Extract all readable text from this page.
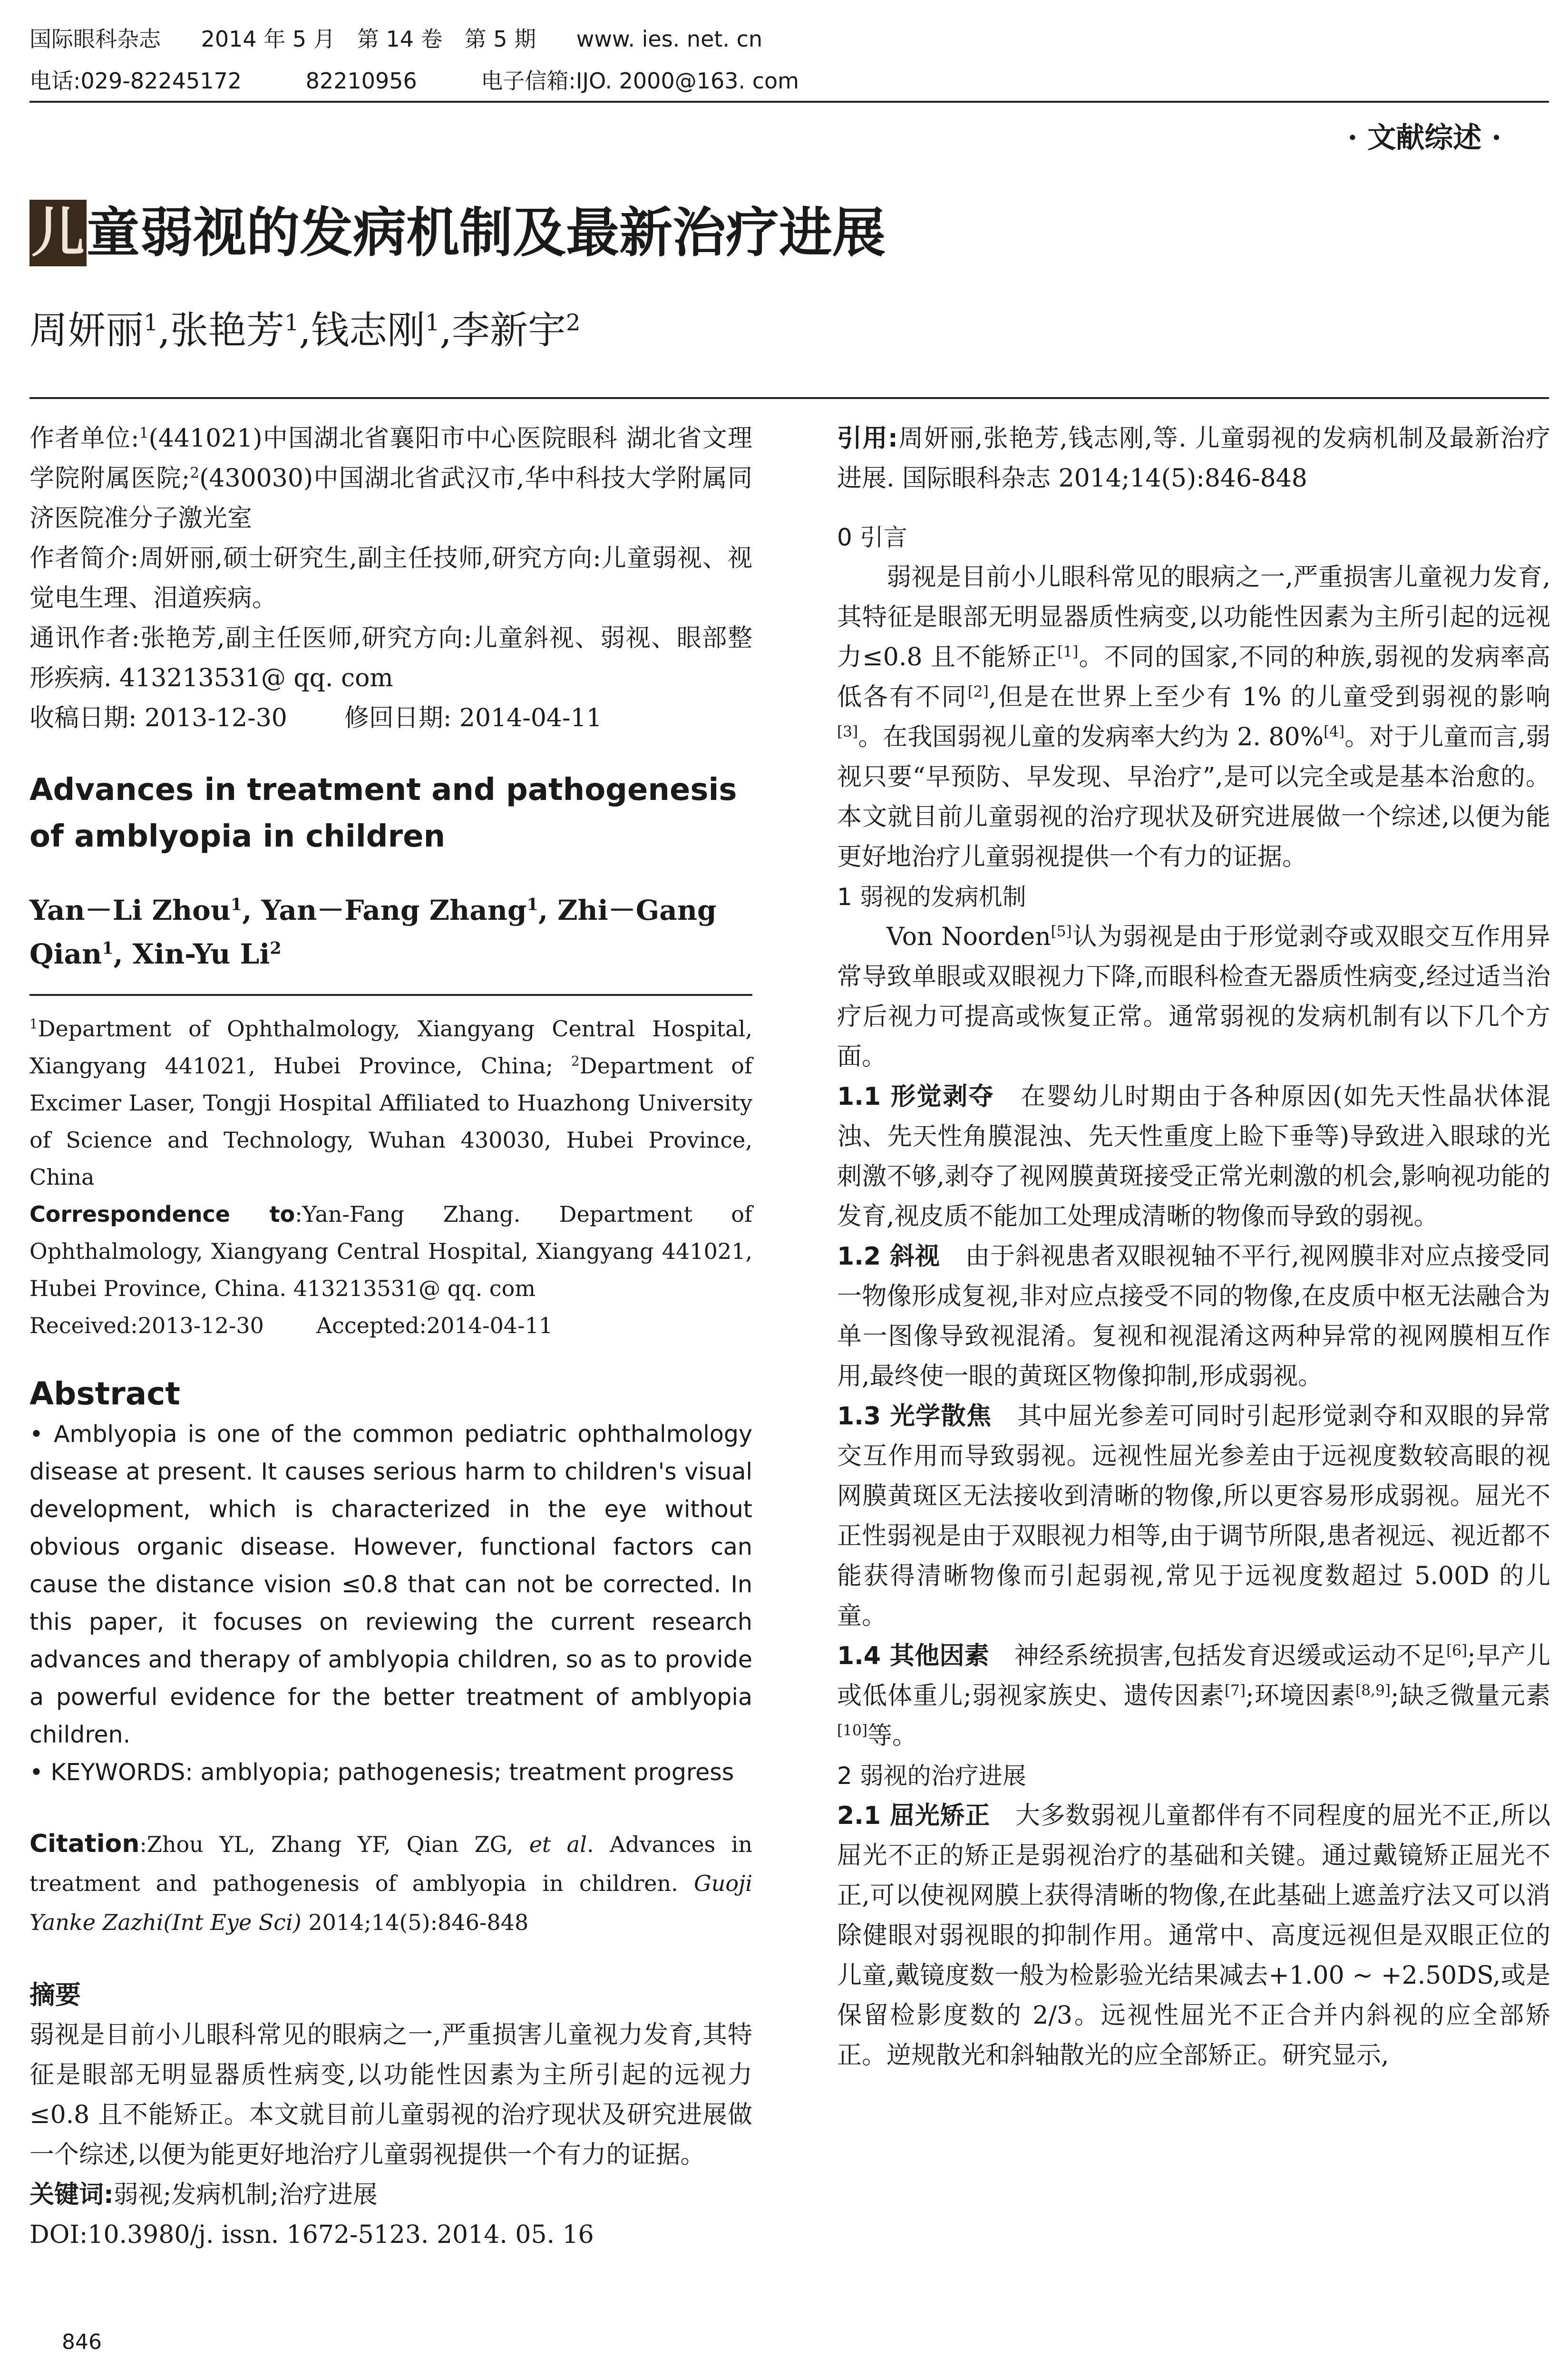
国际眼科杂志 2014 年 5 月　第 14 卷　第 5 期 www. ies. net. cn
电话:029-82245172	82210956	电子信箱:IJO. 2000@163. com
· 文献综述 ·
儿童弱视的发病机制及最新治疗进展
周妍丽$^1$,张艳芳$^1$,钱志刚$^1$,李新宇$^2$

作者单位:$^1$(441021)中国湖北省襄阳市中心医院眼科 湖北省文理学院附属医院;$^2$(430030)中国湖北省武汉市,华中科技大学附属同济医院准分子激光室

作者简介:周妍丽,硕士研究生,副主任技师,研究方向:儿童弱视、视觉电生理、泪道疾病。

通讯作者:张艳芳,副主任医师,研究方向:儿童斜视、弱视、眼部整形疾病. 413213531@ qq. com

收稿日期: 2013-12-30 修回日期: 2014-04-11

Advances in treatment and pathogenesis of amblyopia in children
Yan－Li Zhou$^1$, Yan－Fang Zhang$^1$, Zhi－Gang Qian$^1$, Xin-Yu Li$^2$

$^1$Department of Ophthalmology, Xiangyang Central Hospital, Xiangyang 441021, Hubei Province, China; $^2$Department of Excimer Laser, Tongji Hospital Affiliated to Huazhong University of Science and Technology, Wuhan 430030, Hubei Province, China

Correspondence to:Yan-Fang Zhang. Department of Ophthalmology, Xiangyang Central Hospital, Xiangyang 441021, Hubei Province, China. 413213531@ qq. com

Received:2013-12-30 Accepted:2014-04-11

Abstract

• Amblyopia is one of the common pediatric ophthalmology disease at present. It causes serious harm to children's visual development, which is characterized in the eye without obvious organic disease. However, functional factors can cause the distance vision ≤0.8 that can not be corrected. In this paper, it focuses on reviewing the current research advances and therapy of amblyopia children, so as to provide a powerful evidence for the better treatment of amblyopia children.

• KEYWORDS: amblyopia; pathogenesis; treatment progress

Citation:Zhou YL, Zhang YF, Qian ZG, et al. Advances in treatment and pathogenesis of amblyopia in children. Guoji Yanke Zazhi(Int Eye Sci) 2014;14(5):846-848
摘要

弱视是目前小儿眼科常见的眼病之一,严重损害儿童视力发育,其特征是眼部无明显器质性病变,以功能性因素为主所引起的远视力≤0.8 且不能矫正。本文就目前儿童弱视的治疗现状及研究进展做一个综述,以便为能更好地治疗儿童弱视提供一个有力的证据。

关键词:弱视;发病机制;治疗进展

DOI:10.3980/j. issn. 1672-5123. 2014. 05. 16

引用:周妍丽,张艳芳,钱志刚,等. 儿童弱视的发病机制及最新治疗进展. 国际眼科杂志 2014;14(5):846-848

0 引言

弱视是目前小儿眼科常见的眼病之一,严重损害儿童视力发育,其特征是眼部无明显器质性病变,以功能性因素为主所引起的远视力≤0.8 且不能矫正[1]。不同的国家,不同的种族,弱视的发病率高低各有不同[2],但是在世界上至少有 1% 的儿童受到弱视的影响[3]。在我国弱视儿童的发病率大约为 2. 80%[4]。对于儿童而言,弱视只要“早预防、早发现、早治疗”,是可以完全或是基本治愈的。本文就目前儿童弱视的治疗现状及研究进展做一个综述,以便为能更好地治疗儿童弱视提供一个有力的证据。

1 弱视的发病机制

Von Noorden[5]认为弱视是由于形觉剥夺或双眼交互作用异常导致单眼或双眼视力下降,而眼科检查无器质性病变,经过适当治疗后视力可提高或恢复正常。通常弱视的发病机制有以下几个方面。

1.1 形觉剥夺　 在婴幼儿时期由于各种原因(如先天性晶状体混浊、先天性角膜混浊、先天性重度上睑下垂等)导致进入眼球的光刺激不够,剥夺了视网膜黄斑接受正常光刺激的机会,影响视功能的发育,视皮质不能加工处理成清晰的物像而导致的弱视。

1.2 斜视　 由于斜视患者双眼视轴不平行,视网膜非对应点接受同一物像形成复视,非对应点接受不同的物像,在皮质中枢无法融合为单一图像导致视混淆。复视和视混淆这两种异常的视网膜相互作用,最终使一眼的黄斑区物像抑制,形成弱视。

1.3 光学散焦　 其中屈光参差可同时引起形觉剥夺和双眼的异常交互作用而导致弱视。远视性屈光参差由于远视度数较高眼的视网膜黄斑区无法接收到清晰的物像,所以更容易形成弱视。屈光不正性弱视是由于双眼视力相等,由于调节所限,患者视远、视近都不能获得清晰物像而引起弱视,常见于远视度数超过 5.00D 的儿童。

1.4 其他因素　 神经系统损害,包括发育迟缓或运动不足[6];早产儿或低体重儿;弱视家族史、遗传因素[7];环境因素[8,9];缺乏微量元素[10]等。

2 弱视的治疗进展

2.1 屈光矫正　 大多数弱视儿童都伴有不同程度的屈光不正,所以屈光不正的矫正是弱视治疗的基础和关键。通过戴镜矫正屈光不正,可以使视网膜上获得清晰的物像,在此基础上遮盖疗法又可以消除健眼对弱视眼的抑制作用。通常中、高度远视但是双眼正位的儿童,戴镜度数一般为检影验光结果减去+1.00 ~ +2.50DS,或是保留检影度数的 2/3。远视性屈光不正合并内斜视的应全部矫正。逆规散光和斜轴散光的应全部矫正。研究显示,

846
